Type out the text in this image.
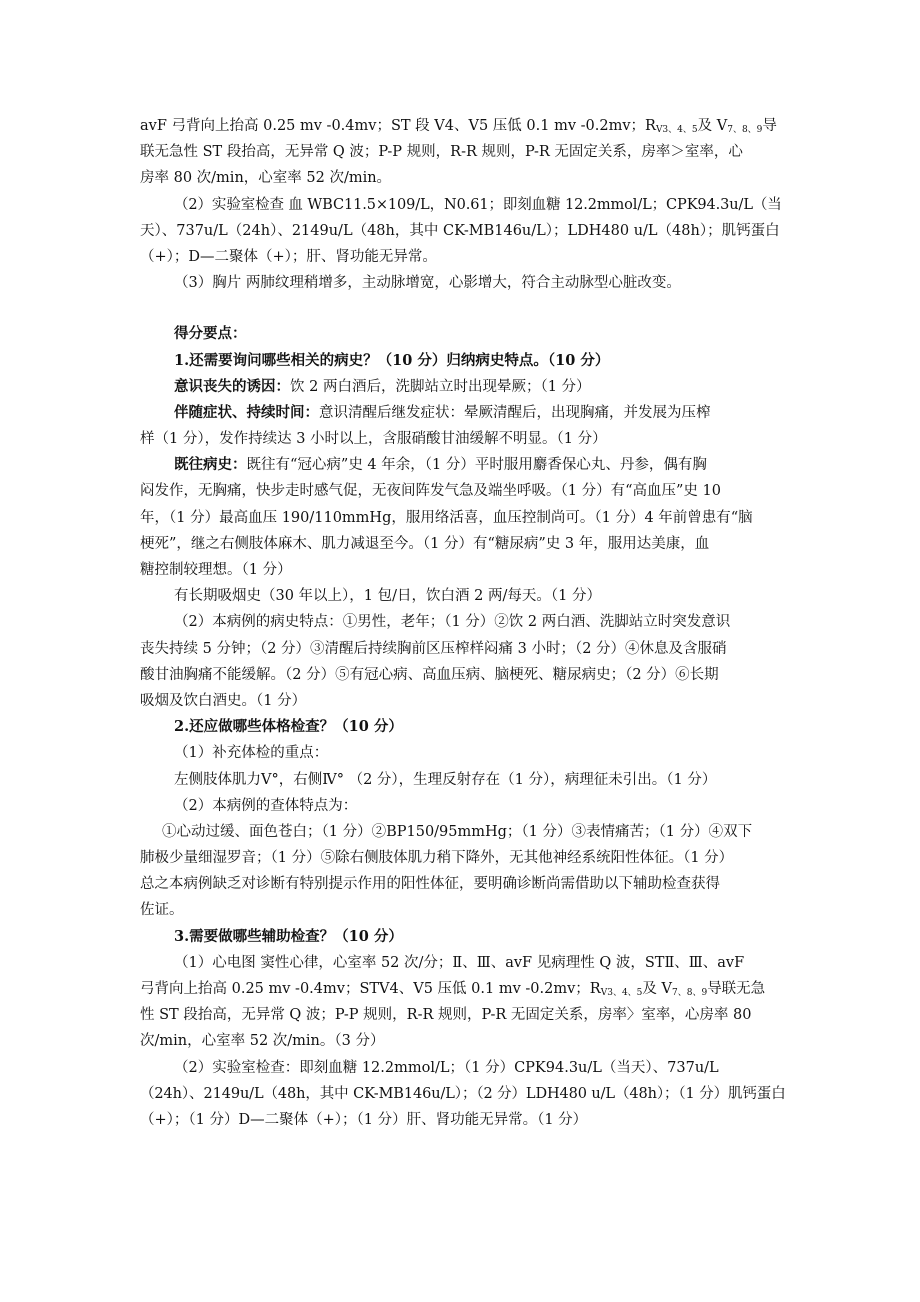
avF 弓背向上抬高 0.25 mv -0.4mv；ST 段 V4、V5 压低 0.1 mv -0.2mv；$R_{V3、4、5}$及 $V_{7、8、9}$导
联无急性 ST 段抬高，无异常 Q 波；P-P 规则，R-R 规则，P-R 无固定关系，房率＞室率，心
房率 80 次/min，心室率 52 次/min。
（2）实验室检查 血 WBC11.5×109/L，N0.61；即刻血糖 12.2mmol/L；CPK94.3u/L（当
天）、737u/L（24h）、2149u/L（48h，其中 CK-MB146u/L）；LDH480 u/L（48h）；肌钙蛋白
（+）；D—二聚体（+）；肝、肾功能无异常。
（3）胸片 两肺纹理稍增多，主动脉增宽，心影增大，符合主动脉型心脏改变。
得分要点：
1.还需要询问哪些相关的病史？（10 分）归纳病史特点。（10 分）
意识丧失的诱因：饮 2 两白酒后，洗脚站立时出现晕厥；（1 分）
伴随症状、持续时间：意识清醒后继发症状：晕厥清醒后，出现胸痛，并发展为压榨
样（1 分），发作持续达 3 小时以上，含服硝酸甘油缓解不明显。（1 分）
既往病史：既往有“冠心病”史 4 年余，（1 分）平时服用麝香保心丸、丹参，偶有胸
闷发作，无胸痛，快步走时感气促，无夜间阵发气急及端坐呼吸。（1 分）有“高血压”史 10
年，（1 分）最高血压 190/110mmHg，服用络活喜，血压控制尚可。（1 分）4 年前曾患有“脑
梗死”，继之右侧肢体麻木、肌力减退至今。（1 分）有“糖尿病”史 3 年，服用达美康，血
糖控制较理想。（1 分）
有长期吸烟史（30 年以上），1 包/日，饮白酒 2 两/每天。（1 分）
（2）本病例的病史特点：①男性，老年；（1 分）②饮 2 两白酒、洗脚站立时突发意识
丧失持续 5 分钟；（2 分）③清醒后持续胸前区压榨样闷痛 3 小时；（2 分）④休息及含服硝
酸甘油胸痛不能缓解。（2 分）⑤有冠心病、高血压病、脑梗死、糖尿病史；（2 分）⑥长期
吸烟及饮白酒史。（1 分）
2.还应做哪些体格检查？（10 分）
（1）补充体检的重点：
左侧肢体肌力Ⅴ°，右侧Ⅳ° （2 分），生理反射存在（1 分），病理征未引出。（1 分）
（2）本病例的查体特点为：
①心动过缓、面色苍白；（1 分）②BP150/95mmHg；（1 分）③表情痛苦；（1 分）④双下
肺极少量细湿罗音；（1 分）⑤除右侧肢体肌力稍下降外，无其他神经系统阳性体征。（1 分）
总之本病例缺乏对诊断有特别提示作用的阳性体征，要明确诊断尚需借助以下辅助检查获得
佐证。
3.需要做哪些辅助检查？（10 分）
（1）心电图 窦性心律，心室率 52 次/分；Ⅱ、Ⅲ、avF 见病理性 Q 波，STⅡ、Ⅲ、avF
弓背向上抬高 0.25 mv -0.4mv；STV4、V5 压低 0.1 mv -0.2mv；$R_{V3、4、5}$及 $V_{7、8、9}$导联无急
性 ST 段抬高，无异常 Q 波；P-P 规则，R-R 规则，P-R 无固定关系，房率〉室率，心房率 80
次/min，心室率 52 次/min。（3 分）
（2）实验室检查：即刻血糖 12.2mmol/L；（1 分）CPK94.3u/L（当天）、737u/L
（24h）、2149u/L（48h，其中 CK-MB146u/L）；（2 分）LDH480 u/L（48h）；（1 分）肌钙蛋白
（+）；（1 分）D—二聚体（+）；（1 分）肝、肾功能无异常。（1 分）
